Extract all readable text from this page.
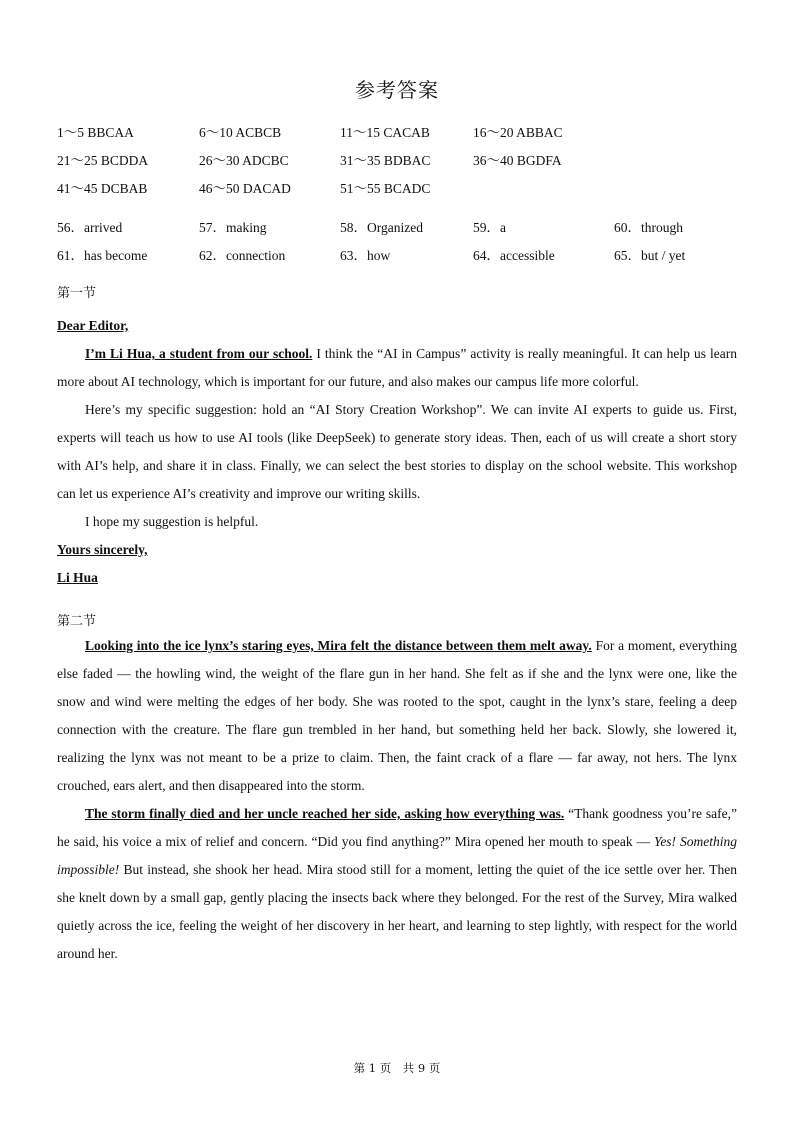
参考答案
1～5 BBCAA	6～10 ACBCB	11～15 CACAB	16～20 ABBAC
21～25 BCDDA	26～30 ADCBC	31～35 BDBAC	36～40 BGDFA
41～45 DCBAB	46～50 DACAD	51～55 BCADC
56．arrived	57．making	58．Organized	59．a	60．through
61．has become	62．connection	63．how	64．accessible	65．but / yet
第一节

Dear Editor,

I’m Li Hua, a student from our school. I think the “AI in Campus” activity is really meaningful. It can help us learn more about AI technology, which is important for our future, and also makes our campus life more colorful.

Here’s my specific suggestion: hold an “AI Story Creation Workshop”. We can invite AI experts to guide us. First, experts will teach us how to use AI tools (like DeepSeek) to generate story ideas. Then, each of us will create a short story with AI’s help, and share it in class. Finally, we can select the best stories to display on the school website. This workshop can let us experience AI’s creativity and improve our writing skills.

I hope my suggestion is helpful.

Yours sincerely,

Li Hua

第二节

Looking into the ice lynx’s staring eyes, Mira felt the distance between them melt away. For a moment, everything else faded — the howling wind, the weight of the flare gun in her hand. She felt as if she and the lynx were one, like the snow and wind were melting the edges of her body. She was rooted to the spot, caught in the lynx’s stare, feeling a deep connection with the creature. The flare gun trembled in her hand, but something held her back. Slowly, she lowered it, realizing the lynx was not meant to be a prize to claim. Then, the faint crack of a flare — far away, not hers. The lynx crouched, ears alert, and then disappeared into the storm.

The storm finally died and her uncle reached her side, asking how everything was. “Thank goodness you’re safe,” he said, his voice a mix of relief and concern. “Did you find anything?” Mira opened her mouth to speak — Yes! Something impossible! But instead, she shook her head. Mira stood still for a moment, letting the quiet of the ice settle over her. Then she knelt down by a small gap, gently placing the insects back where they belonged. For the rest of the Survey, Mira walked quietly across the ice, feeling the weight of her discovery in her heart, and learning to step lightly, with respect for the world around her.

第 1 页　共 9 页
